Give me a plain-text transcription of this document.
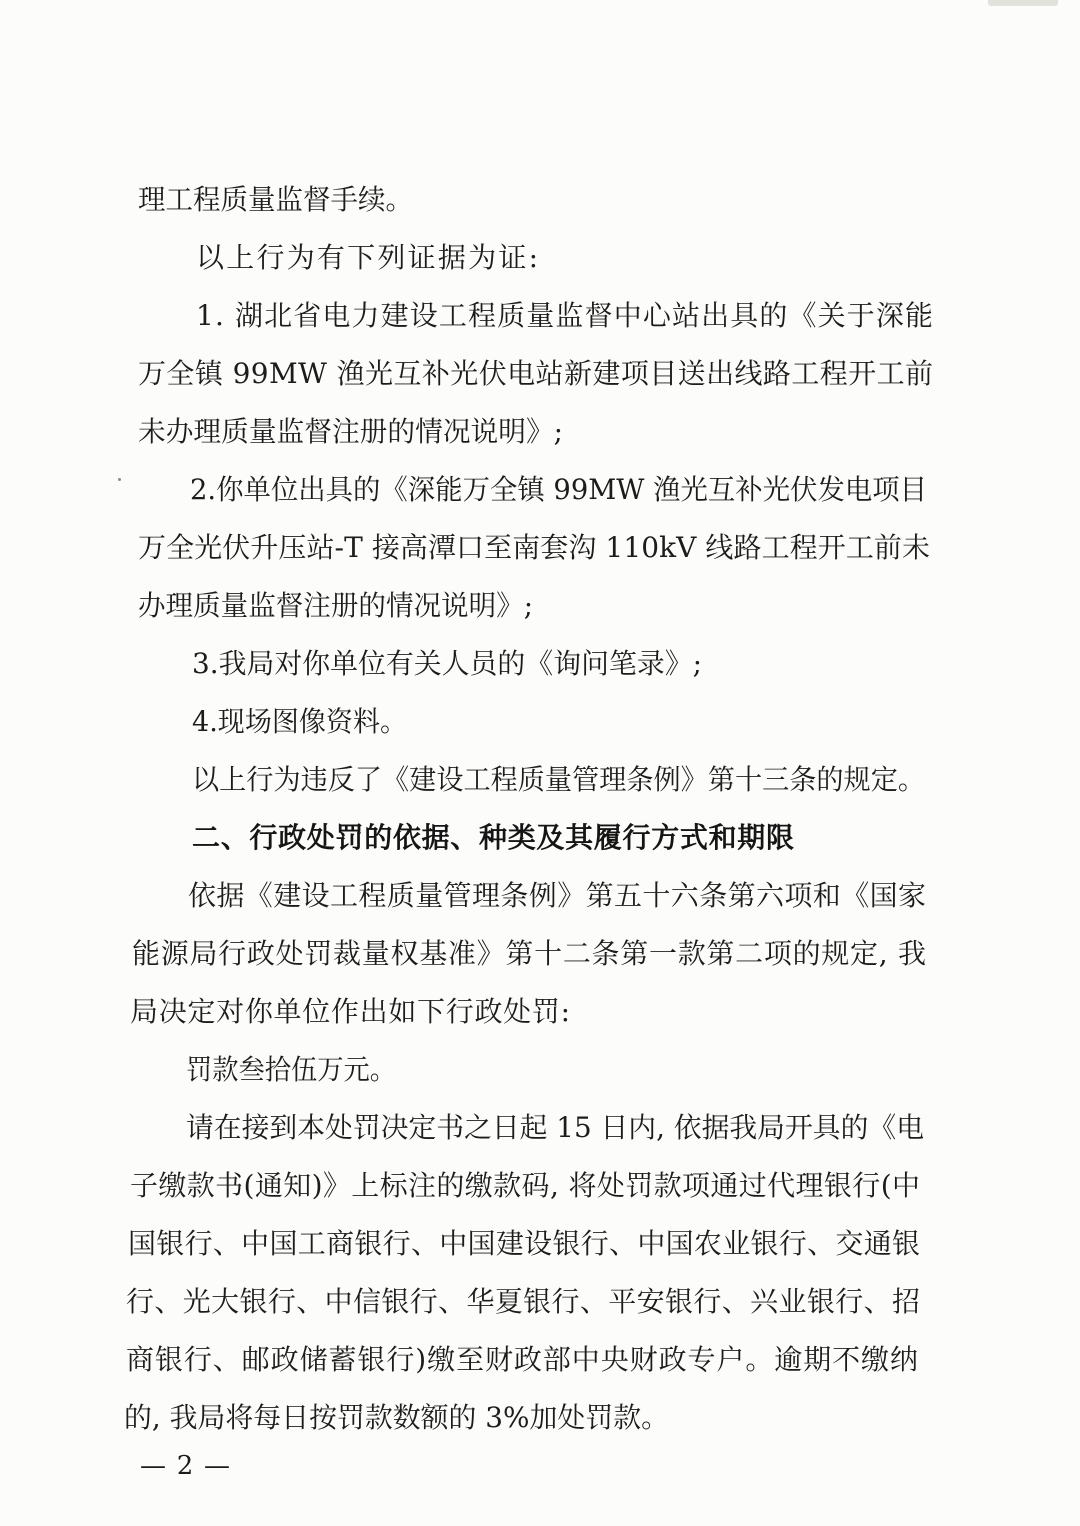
理工程质量监督手续。
以上行为有下列证据为证:
1. 湖北省电力建设工程质量监督中心站出具的《关于深能
万全镇 99MW 渔光互补光伏电站新建项目送出线路工程开工前
未办理质量监督注册的情况说明》;
2.你单位出具的《深能万全镇 99MW 渔光互补光伏发电项目
万全光伏升压站-T 接高潭口至南套沟 110kV 线路工程开工前未
办理质量监督注册的情况说明》;
3.我局对你单位有关人员的《询问笔录》;
4.现场图像资料。
以上行为违反了《建设工程质量管理条例》第十三条的规定。
二、行政处罚的依据、种类及其履行方式和期限
依据《建设工程质量管理条例》第五十六条第六项和《国家
能源局行政处罚裁量权基准》第十二条第一款第二项的规定, 我
局决定对你单位作出如下行政处罚:
罚款叁拾伍万元。
请在接到本处罚决定书之日起 15 日内, 依据我局开具的《电
子缴款书(通知)》上标注的缴款码, 将处罚款项通过代理银行(中
国银行、中国工商银行、中国建设银行、中国农业银行、交通银
行、光大银行、中信银行、华夏银行、平安银行、兴业银行、招
商银行、邮政储蓄银行)缴至财政部中央财政专户。逾期不缴纳
的, 我局将每日按罚款数额的 3%加处罚款。
— 2 —
